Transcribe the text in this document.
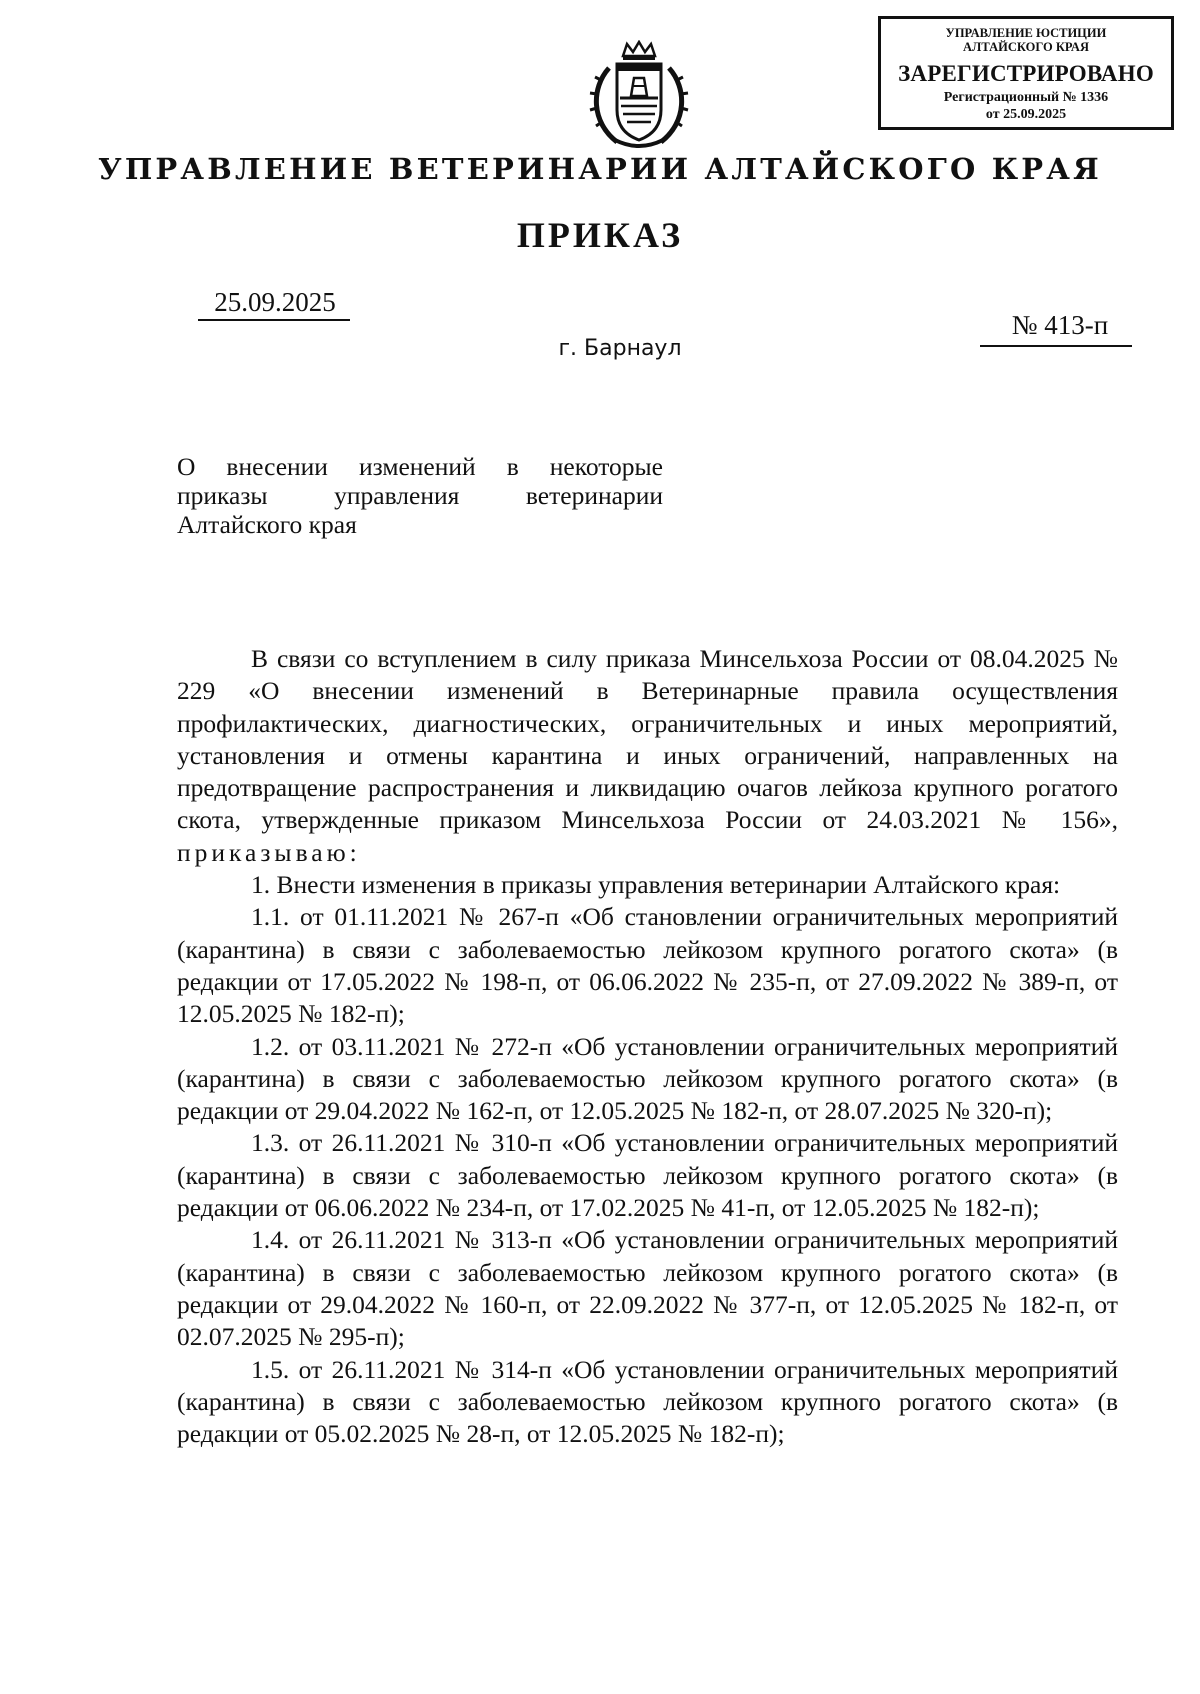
УПРАВЛЕНИЕ ЮСТИЦИИ
АЛТАЙСКОГО КРАЯ
ЗАРЕГИСТРИРОВАНО
Регистрационный № 1336
от 25.09.2025
УПРАВЛЕНИЕ ВЕТЕРИНАРИИ АЛТАЙСКОГО КРАЯ
ПРИКАЗ
25.09.2025
№ 413-п
г. Барнаул
О внесении изменений в некоторые
приказы управления ветеринарии
Алтайского края

В связи со вступлением в силу приказа Минсельхоза России от 08.04.2025 № 229 «О внесении изменений в Ветеринарные правила осуществления профилактических, диагностических, ограничительных и иных мероприятий, установления и отмены карантина и иных ограничений, направленных на предотвращение распространения и ликвидацию очагов лейкоза крупного рогатого скота, утвержденные приказом Минсельхоза России от 24.03.2021 № 156», приказываю:

1. Внести изменения в приказы управления ветеринарии Алтайского края:

1.1. от 01.11.2021 № 267-п «Об становлении ограничительных мероприятий (карантина) в связи с заболеваемостью лейкозом крупного рогатого скота» (в редакции от 17.05.2022 № 198-п, от 06.06.2022 № 235-п, от 27.09.2022 № 389-п, от 12.05.2025 № 182-п);

1.2. от 03.11.2021 № 272-п «Об установлении ограничительных мероприятий (карантина) в связи с заболеваемостью лейкозом крупного рогатого скота» (в редакции от 29.04.2022 № 162-п, от 12.05.2025 № 182-п, от 28.07.2025 № 320-п);

1.3. от 26.11.2021 № 310-п «Об установлении ограничительных мероприятий (карантина) в связи с заболеваемостью лейкозом крупного рогатого скота» (в редакции от 06.06.2022 № 234-п, от 17.02.2025 № 41-п, от 12.05.2025 № 182-п);

1.4. от 26.11.2021 № 313-п «Об установлении ограничительных мероприятий (карантина) в связи с заболеваемостью лейкозом крупного рогатого скота» (в редакции от 29.04.2022 № 160-п, от 22.09.2022 № 377-п, от 12.05.2025 № 182-п, от 02.07.2025 № 295-п);

1.5. от 26.11.2021 № 314-п «Об установлении ограничительных мероприятий (карантина) в связи с заболеваемостью лейкозом крупного рогатого скота» (в редакции от 05.02.2025 № 28-п, от 12.05.2025 № 182-п);
